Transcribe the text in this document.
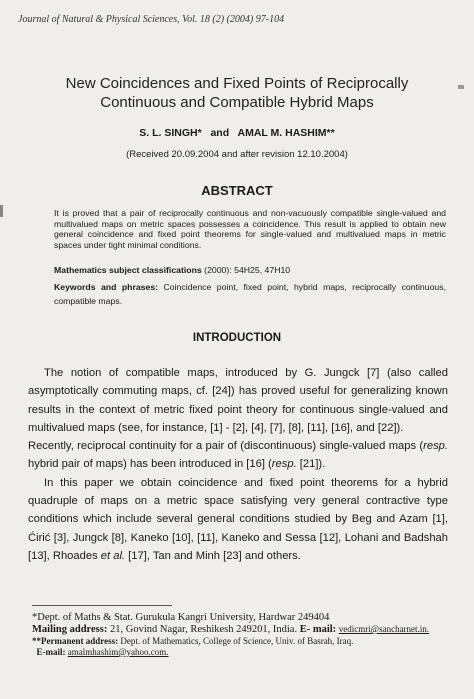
Journal of Natural & Physical Sciences, Vol. 18 (2) (2004) 97-104
New Coincidences and Fixed Points of Reciprocally
Continuous and Compatible Hybrid Maps
S. L. SINGH* and AMAL M. HASHIM**
(Received 20.09.2004 and after revision 12.10.2004)
ABSTRACT
It is proved that a pair of reciprocally continuous and non-vacuously compatible single-valued and multivalued maps on metric spaces possesses a coincidence. This result is applied to obtain new general coincidence and fixed point theorems for single-valued and multivalued maps in metric spaces under tight minimal conditions.
Mathematics subject classifications (2000): 54H25, 47H10
Keywords and phrases: Coincidence point, fixed point, hybrid maps, reciprocally continuous, compatible maps.
INTRODUCTION

The notion of compatible maps, introduced by G. Jungck [7] (also called asymptotically commuting maps, cf. [24]) has proved useful for generalizing known results in the context of metric fixed point theory for continuous single-valued and multivalued maps (see, for instance, [1] - [2], [4], [7], [8], [11], [16], and [22]).

Recently, reciprocal continuity for a pair of (discontinuous) single-valued maps (resp. hybrid pair of maps) has been introduced in [16] (resp. [21]).

In this paper we obtain coincidence and fixed point theorems for a hybrid quadruple of maps on a metric space satisfying very general contractive type conditions which include several general conditions studied by Beg and Azam [1], Ćirić [3], Jungck [8], Kaneko [10], [11], Kaneko and Sessa [12], Lohani and Badshah [13], Rhoades et al. [17], Tan and Minh [23] and others.

*Dept. of Maths & Stat. Gurukula Kangri University, Hardwar 249404
Mailing address: 21, Govind Nagar, Reshikesh 249201, India. E- mail: vedicmri@sancharnet.in.
**Permanent address: Dept. of Mathematics, College of Science, Univ. of Basrah, Iraq.
E-mail: amalmhashim@yahoo.com.
